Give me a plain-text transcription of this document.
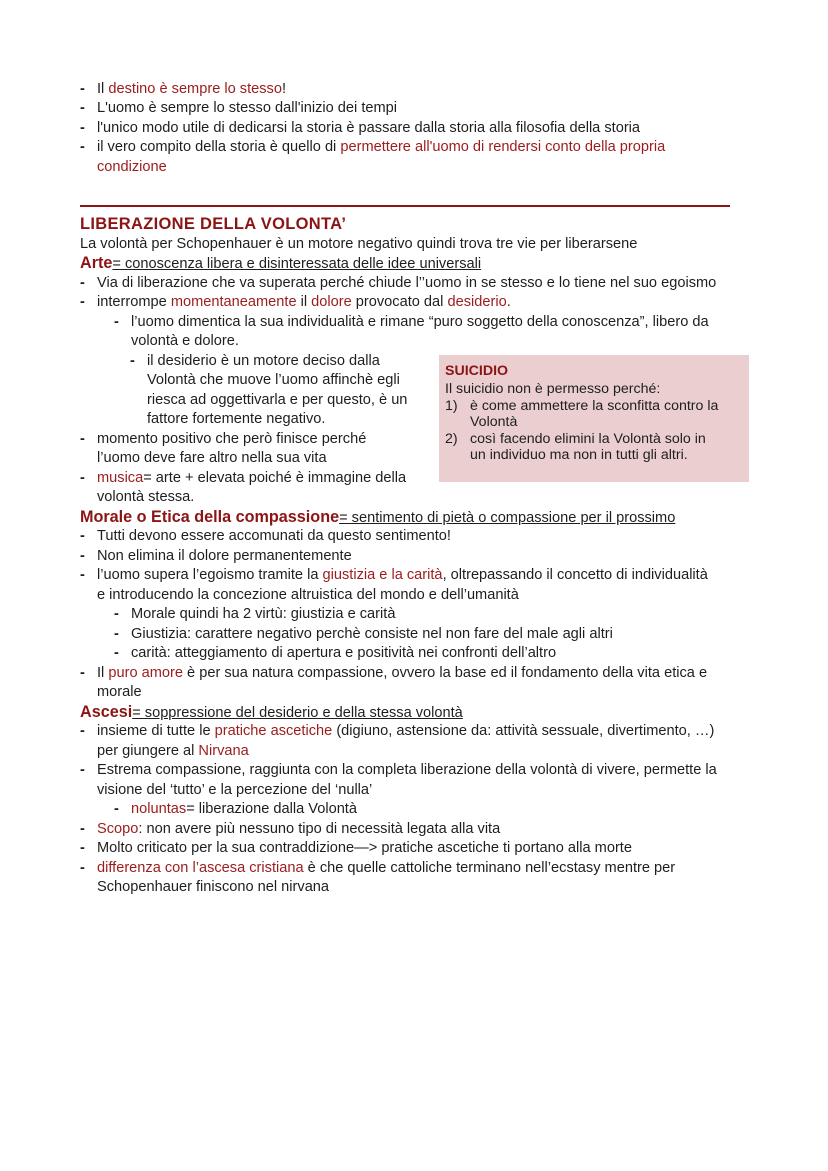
- Il destino è sempre lo stesso!
- L'uomo è sempre lo stesso dall'inizio dei tempi
- l'unico modo utile di dedicarsi la storia è passare dalla storia alla filosofia della storia
- il vero compito della storia è quello di permettere all'uomo di rendersi conto della propria
condizione
LIBERAZIONE DELLA VOLONTA’
La volontà per Schopenhauer è un motore negativo quindi trova tre vie per liberarsene
Arte= conoscenza libera e disinteressata delle idee universali
- Via di liberazione che va superata perché chiude l’’uomo in se stesso e lo tiene nel suo egoismo
- interrompe momentaneamente il dolore provocato dal desiderio.
- l’uomo dimentica la sua individualità e rimane “puro soggetto della conoscenza”, libero da
volontà e dolore.
- il desiderio è un motore deciso dalla
Volontà che muove l’uomo affinchè egli
riesca ad oggettivarla e per questo, è un
fattore fortemente negativo.
- momento positivo che però finisce perché
l’uomo deve fare altro nella sua vita
- musica= arte + elevata poiché è immagine della
volontà stessa.
SUICIDIO
Il suicidio non è permesso perché:
1) è come ammettere la sconfitta contro la
Volontà
2) così facendo elimini la Volontà solo in
un individuo ma non in tutti gli altri.
Morale o Etica della compassione= sentimento di pietà o compassione per il prossimo
- Tutti devono essere accomunati da questo sentimento!
- Non elimina il dolore permanentemente
- l’uomo supera l’egoismo tramite la giustizia e la carità, oltrepassando il concetto di individualità
e introducendo la concezione altruistica del mondo e dell’umanità
- Morale quindi ha 2 virtù: giustizia e carità
- Giustizia: carattere negativo perchè consiste nel non fare del male agli altri
- carità: atteggiamento di apertura e positività nei confronti dell’altro
- Il puro amore è per sua natura compassione, ovvero la base ed il fondamento della vita etica e
morale
Ascesi= soppressione del desiderio e della stessa volontà
- insieme di tutte le pratiche ascetiche (digiuno, astensione da: attività sessuale, divertimento, …)
per giungere al Nirvana
- Estrema compassione, raggiunta con la completa liberazione della volontà di vivere, permette la
visione del ‘tutto’ e la percezione del ‘nulla’
- noluntas= liberazione dalla Volontà
- Scopo: non avere più nessuno tipo di necessità legata alla vita
- Molto criticato per la sua contraddizione—> pratiche ascetiche ti portano alla morte
- differenza con l’ascesa cristiana è che quelle cattoliche terminano nell’ecstasy mentre per
Schopenhauer finiscono nel nirvana
